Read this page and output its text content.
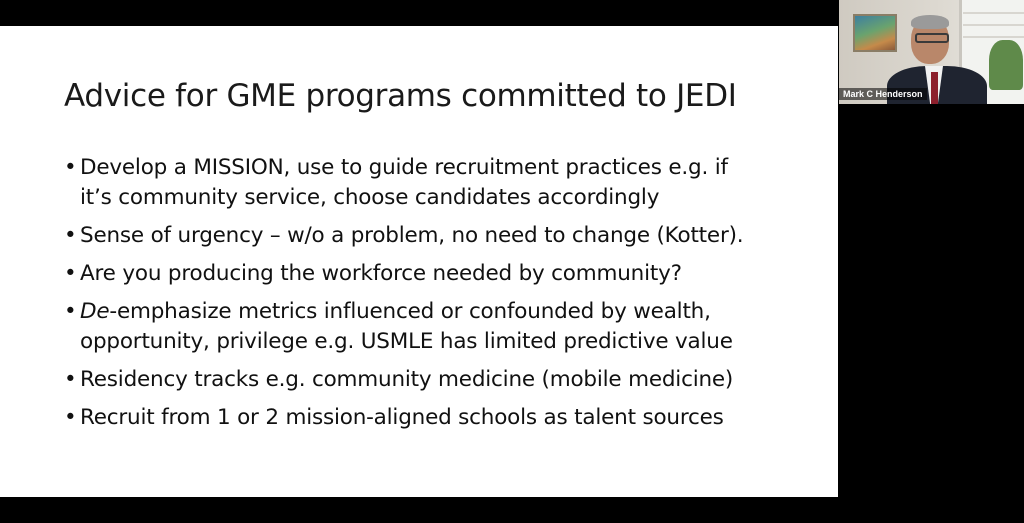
Advice for GME programs committed to JEDI
• Develop a MISSION, use to guide recruitment practices e.g. if
it’s community service, choose candidates accordingly
• Sense of urgency – w/o a problem, no need to change (Kotter).
• Are you producing the workforce needed by community?
• De-emphasize metrics influenced or confounded by wealth,
opportunity, privilege e.g. USMLE has limited predictive value
• Residency tracks e.g. community medicine (mobile medicine)
• Recruit from 1 or 2 mission-aligned schools as talent sources
Mark C Henderson
